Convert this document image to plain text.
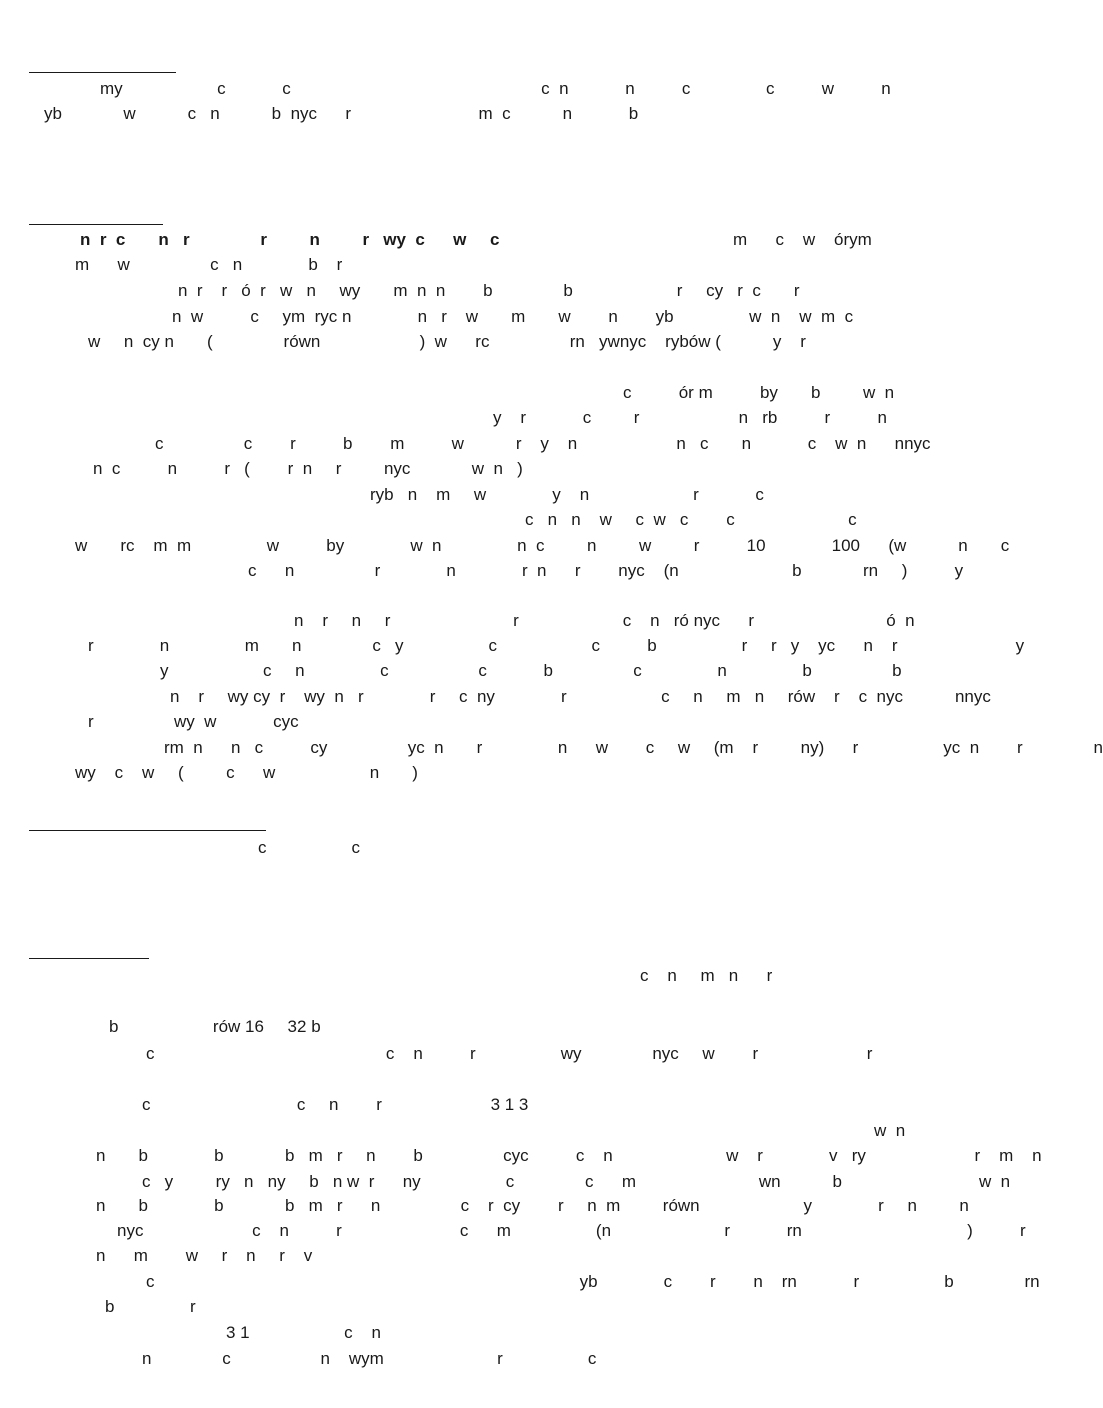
my                    c            c                                                     c  n            n          c                c          w          n
yb             w           c   n           b  nyc      r                           m  c           n            b
n  r  c       n   r               r         n         r   wy  c      w     c	m      c    w    órym
m      w                 c   n              b    r
n  r    r   ó  r   w   n     wy       m  n  n        b               b                      r     cy   r  c       r
n  w          c     ym  ryc n              n   r    w       m       w        n        yb                w  n    w  m  c
w     n  cy n       (               równ                     )  w      rc                 rn   ywnyc    rybów (           y    r
c          ór m          by       b         w  n
y    r            c         r                     n   rb          r          n
c                 c        r          b        m          w           r    y    n                     n   c       n            c    w  n      nnyc
n  c          n          r   (        r  n     r         nyc             w  n   )
ryb   n    m     w              y    n                      r            c
c   n   n    w     c  w   c        c                        c
w       rc    m  m                w          by              w  n                n  c         n         w         r          10              100      (w           n       c
c      n                 r              n              r  n      r        nyc    (n                        b             rn     )          y
n    r     n     r                          r                      c    n   ró nyc      r                            ó  n
r              n                m       n               c   y                  c                    c          b                  r     r   y    yc      n    r                         y
y                    c     n                c                   c            b                 c                n                b                 b
n    r     wy cy  r    wy  n   r              r     c  ny              r                    c     n     m   n     rów    r    c  nyc           nnyc
r                 wy  w            cyc
rm  n      n   c          cy                 yc  n       r                n      w        c     w     (m    r         ny)      r                  yc  n        r               n
wy    c    w     (         c      w                    n       )
c                  c
c    n     m   n      r
b                    rów 16     32 b
c                                                 c    n          r                  wy               nyc     w        r                       r
c                               c     n        r                       3 1 3
w  n
n       b              b             b   m   r     n        b                 cyc          c    n                        w    r              v   ry                       r    m    n
c   y         ry   n   ny     b   n w  r      ny                  c               c      m                          wn           b                             w  n
n       b              b             b   m   r      n                 c    r  cy        r     n  m         równ                      y              r     n         n
nyc                       c    n          r                         c      m                  (n                        r            rn                                   )          r
n      m        w     r    n     r    v
c                                                                                          yb              c        r        n    rn            r                  b               rn
b                r
3 1                    c    n
n               c                   n    wym                        r                  c
